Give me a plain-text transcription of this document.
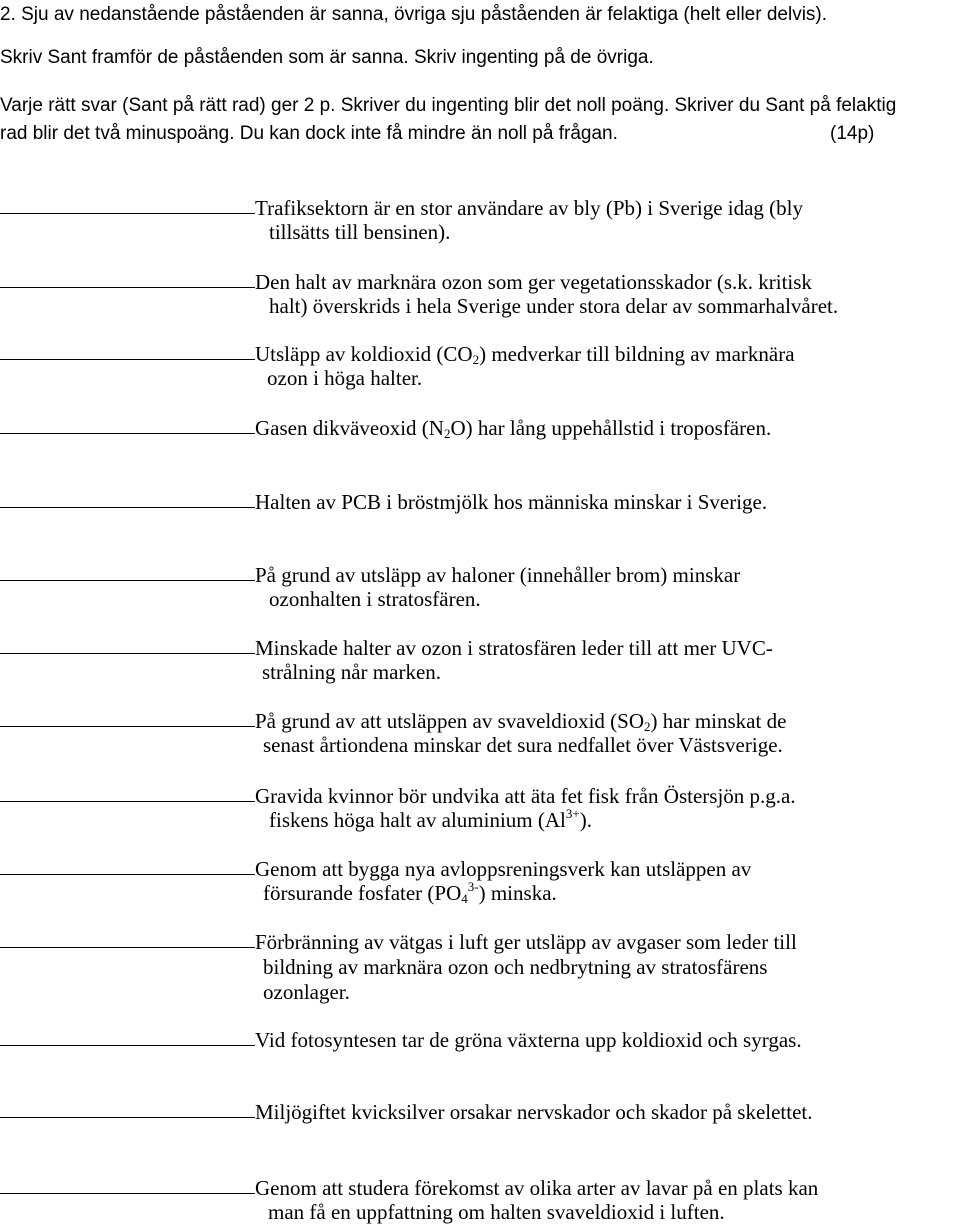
2. Sju av nedanstående påståenden är sanna, övriga sju påståenden är felaktiga (helt eller delvis).
Skriv Sant framför de påståenden som är sanna. Skriv ingenting på de övriga.
Varje rätt svar (Sant på rätt rad) ger 2 p. Skriver du ingenting blir det noll poäng. Skriver du Sant på felaktig
rad blir det två minuspoäng. Du kan dock inte få mindre än noll på frågan.	(14p)
Trafiksektorn är en stor användare av bly (Pb) i Sverige idag (bly
tillsätts till bensinen).
Den halt av marknära ozon som ger vegetationsskador (s.k. kritisk
halt) överskrids i hela Sverige under stora delar av sommarhalvåret.
Utsläpp av koldioxid $(CO_2)$ medverkar till bildning av marknära
ozon i höga halter.
Gasen dikväveoxid $(N_2O)$ har lång uppehållstid i troposfären.
Halten av PCB i bröstmjölk hos människa minskar i Sverige.
På grund av utsläpp av haloner (innehåller brom) minskar
ozonhalten i stratosfären.
Minskade halter av ozon i stratosfären leder till att mer UVC-
strålning når marken.
På grund av att utsläppen av svaveldioxid $(SO_2)$ har minskat de
senast årtiondena minskar det sura nedfallet över Västsverige.
Gravida kvinnor bör undvika att äta fet fisk från Östersjön p.g.a.
fiskens höga halt av aluminium $(Al^{3+})$.
Genom att bygga nya avloppsreningsverk kan utsläppen av
försurande fosfater $(PO_4^{3-})$ minska.
Förbränning av vätgas i luft ger utsläpp av avgaser som leder till
bildning av marknära ozon och nedbrytning av stratosfärens
ozonlager.
Vid fotosyntesen tar de gröna växterna upp koldioxid och syrgas.
Miljögiftet kvicksilver orsakar nervskador och skador på skelettet.
Genom att studera förekomst av olika arter av lavar på en plats kan
man få en uppfattning om halten svaveldioxid i luften.
